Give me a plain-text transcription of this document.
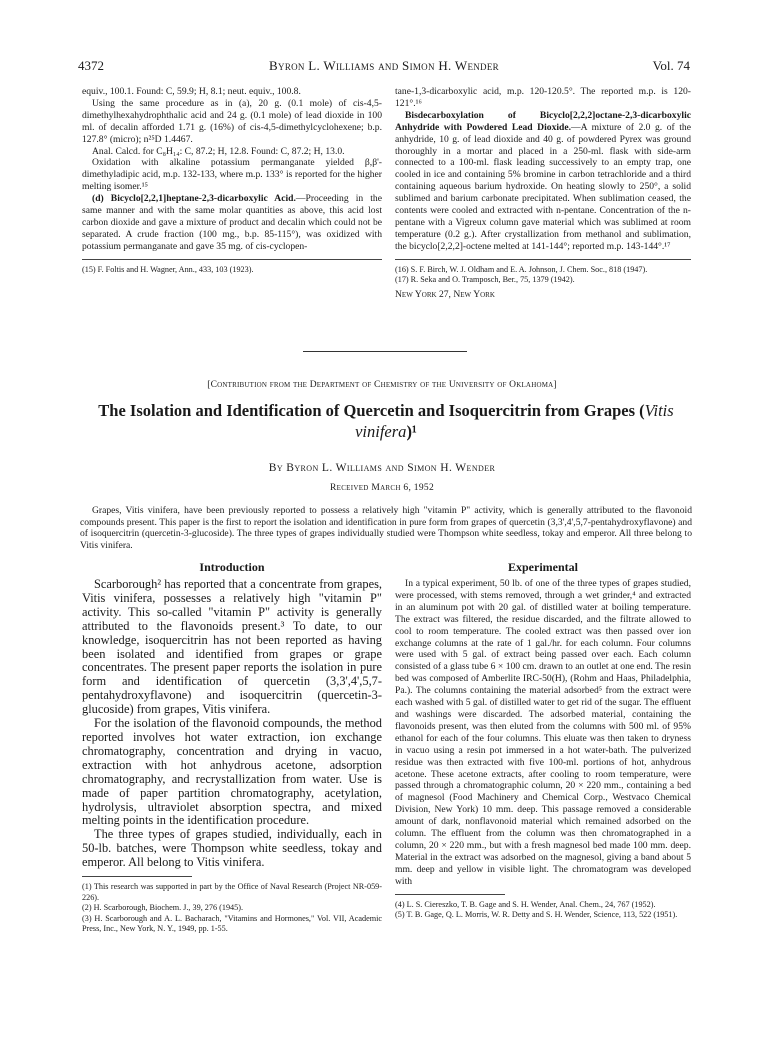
4372	Byron L. Williams and Simon H. Wender	Vol. 74

equiv., 100.1. Found: C, 59.9; H, 8.1; neut. equiv., 100.8.

Using the same procedure as in (a), 20 g. (0.1 mole) of cis-4,5-dimethylhexahydrophthalic acid and 24 g. (0.1 mole) of lead dioxide in 100 ml. of decalin afforded 1.71 g. (16%) of cis-4,5-dimethylcyclohexene; b.p. 127.8° (micro); n²⁵D 1.4467.

Anal. Calcd. for C₈H₁₄: C, 87.2; H, 12.8. Found: C, 87.2; H, 13.0.

Oxidation with alkaline potassium permanganate yielded β,β'-dimethyladipic acid, m.p. 132-133, where m.p. 133° is reported for the higher melting isomer.¹⁵

(d) Bicyclo[2,2,1]heptane-2,3-dicarboxylic Acid.—Proceeding in the same manner and with the same molar quantities as above, this acid lost carbon dioxide and gave a mixture of product and decalin which could not be separated. A crude fraction (100 mg., b.p. 85-115°), was oxidized with potassium permanganate and gave 35 mg. of cis-cyclopen-

(15) F. Foltis and H. Wagner, Ann., 433, 103 (1923).

tane-1,3-dicarboxylic acid, m.p. 120-120.5°. The reported m.p. is 120-121°.¹⁶

Bisdecarboxylation of Bicyclo[2,2,2]octane-2,3-dicarboxylic Anhydride with Powdered Lead Dioxide.—A mixture of 2.0 g. of the anhydride, 10 g. of lead dioxide and 40 g. of powdered Pyrex was ground thoroughly in a mortar and placed in a 250-ml. flask with side-arm connected to a 100-ml. flask leading successively to an empty trap, one cooled in ice and containing 5% bromine in carbon tetrachloride and a third containing aqueous barium hydroxide. On heating slowly to 250°, a solid sublimed and barium carbonate precipitated. When sublimation ceased, the contents were cooled and extracted with n-pentane. Concentration of the n-pentane with a Vigreux column gave material which was sublimed at room temperature (0.2 g.). After crystallization from methanol and sublimation, the bicyclo[2,2,2]-octene melted at 141-144°; reported m.p. 143-144°.¹⁷

(16) S. F. Birch, W. J. Oldham and E. A. Johnson, J. Chem. Soc., 818 (1947).

(17) R. Seka and O. Tramposch, Ber., 75, 1379 (1942).

New York 27, New York

[Contribution from the Department of Chemistry of the University of Oklahoma]
The Isolation and Identification of Quercetin and Isoquercitrin from Grapes (Vitis vinifera)¹
By Byron L. Williams and Simon H. Wender
Received March 6, 1952
Grapes, Vitis vinifera, have been previously reported to possess a relatively high "vitamin P" activity, which is generally attributed to the flavonoid compounds present. This paper is the first to report the isolation and identification in pure form from grapes of quercetin (3,3',4',5,7-pentahydroxyflavone) and of isoquercitrin (quercetin-3-glucoside). The three types of grapes individually studied were Thompson white seedless, tokay and emperor. All three belong to Vitis vinifera.
Introduction	Experimental

Scarborough² has reported that a concentrate from grapes, Vitis vinifera, possesses a relatively high "vitamin P" activity. This so-called "vitamin P" activity is generally attributed to the flavonoids present.³ To date, to our knowledge, isoquercitrin has not been reported as having been isolated and identified from grapes or grape concentrates. The present paper reports the isolation in pure form and identification of quercetin (3,3',4',5,7-pentahydroxyflavone) and isoquercitrin (quercetin-3-glucoside) from grapes, Vitis vinifera.

For the isolation of the flavonoid compounds, the method reported involves hot water extraction, ion exchange chromatography, concentration and drying in vacuo, extraction with hot anhydrous acetone, adsorption chromatography, and recrystallization from water. Use is made of paper partition chromatography, acetylation, hydrolysis, ultraviolet absorption spectra, and mixed melting points in the identification procedure.

The three types of grapes studied, individually, each in 50-lb. batches, were Thompson white seedless, tokay and emperor. All belong to Vitis vinifera.

(1) This research was supported in part by the Office of Naval Research (Project NR-059-226).

(2) H. Scarborough, Biochem. J., 39, 276 (1945).

(3) H. Scarborough and A. L. Bacharach, "Vitamins and Hormones," Vol. VII, Academic Press, Inc., New York, N. Y., 1949, pp. 1-55.

In a typical experiment, 50 lb. of one of the three types of grapes studied, were processed, with stems removed, through a wet grinder,⁴ and extracted in an aluminum pot with 20 gal. of distilled water at boiling temperature. The extract was filtered, the residue discarded, and the filtrate allowed to cool to room temperature. The cooled extract was then passed over ion exchange columns at the rate of 1 gal./hr. for each column. Four columns were used with 5 gal. of extract being passed over each. Each column consisted of a glass tube 6 × 100 cm. drawn to an outlet at one end. The resin bed was composed of Amberlite IRC-50(H), (Rohm and Haas, Philadelphia, Pa.). The columns containing the material adsorbed⁵ from the extract were each washed with 5 gal. of distilled water to get rid of the sugar. The effluent and washings were discarded. The adsorbed material, containing the flavonoids present, was then eluted from the columns with 500 ml. of 95% ethanol for each of the four columns. This eluate was then taken to dryness in vacuo using a resin pot immersed in a hot water-bath. The pulverized residue was then extracted with five 100-ml. portions of hot, anhydrous acetone. These acetone extracts, after cooling to room temperature, were passed through a chromatographic column, 20 × 220 mm., containing a bed of magnesol (Food Machinery and Chemical Corp., Westvaco Chemical Division, New York) 10 mm. deep. This passage removed a considerable amount of dark, nonflavonoid material which remained adsorbed on the column. The effluent from the column was then chromatographed in a column, 20 × 220 mm., but with a fresh magnesol bed made 100 mm. deep. Material in the extract was adsorbed on the magnesol, giving a band about 5 mm. deep and yellow in visible light. The chromatogram was developed with

(4) L. S. Ciereszko, T. B. Gage and S. H. Wender, Anal. Chem., 24, 767 (1952).

(5) T. B. Gage, Q. L. Morris, W. R. Detty and S. H. Wender, Science, 113, 522 (1951).
